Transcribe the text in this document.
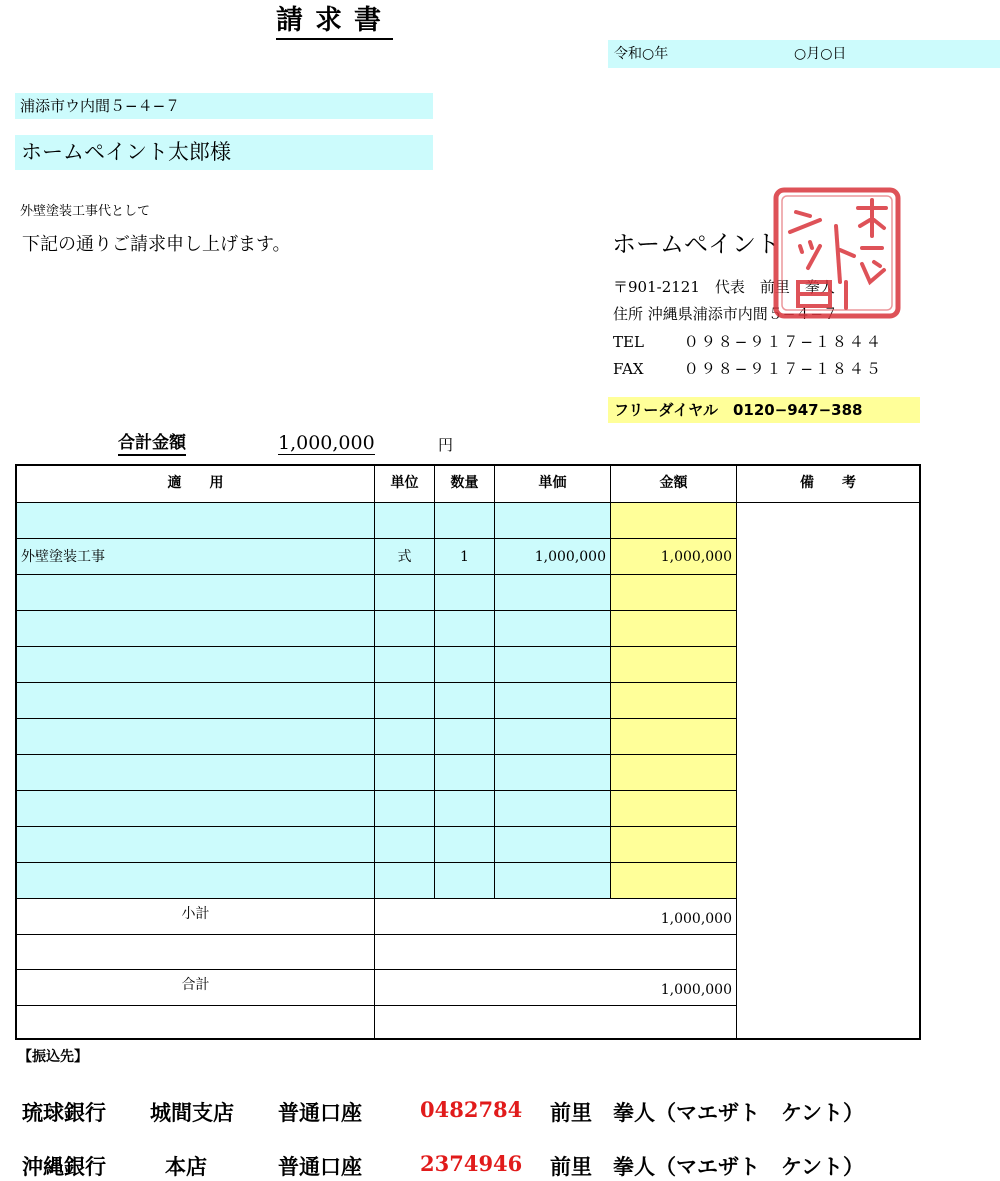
請求書
令和○年	○月○日
浦添市ウ内間５−４−７
ホームペイント太郎様
外壁塗装工事代として
下記の通りご請求申し上げます。	ホームペイント
〒901-2121　代表　前里　拳人
住所 沖縄県浦添市内間５−４−７
TEL	０９８−９１７−１８４４
FAX	０９８−９１７−１８４５
フリーダイヤル　0120−947−388
合計金額	1,000,000	円
適　　用	単位	数量	単価	金額	備　　考
外壁塗装工事	式	1	1,000,000	1,000,000
小計	1,000,000
合計	1,000,000
【振込先】
琉球銀行 城間支店 普通口座	0482784 前里　拳人（マエザト　ケント）
沖縄銀行	本店	普通口座	2374946 前里　拳人（マエザト　ケント）
